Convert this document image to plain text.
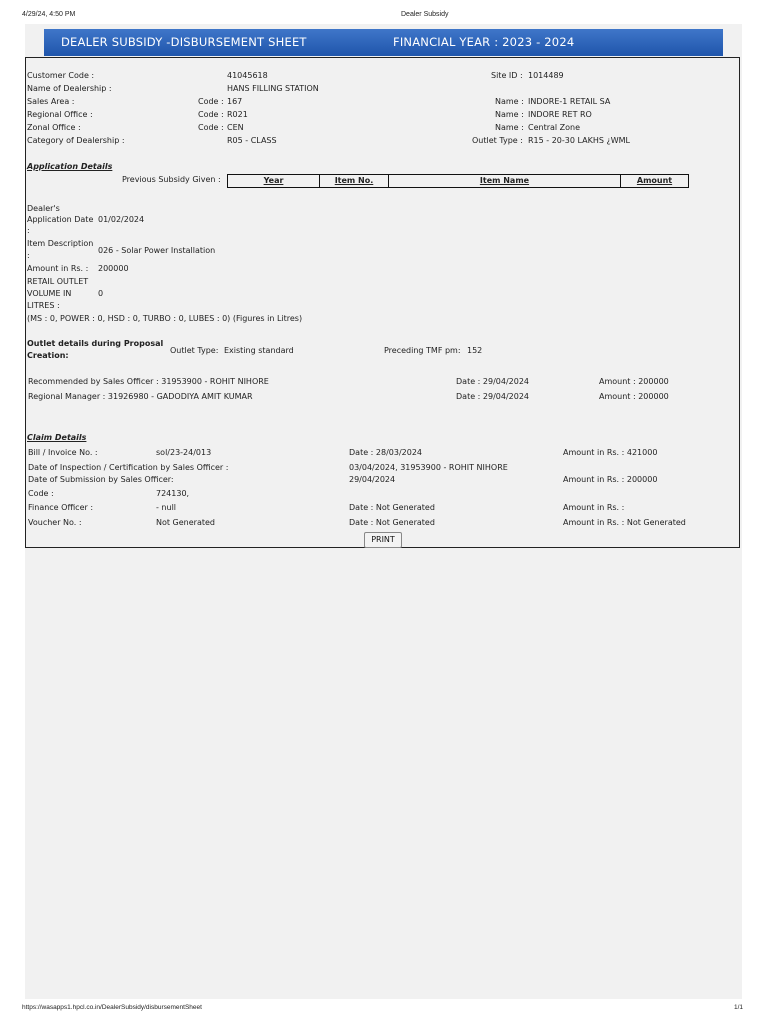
4/29/24, 4:50 PM	Dealer Subsidy
DEALER SUBSIDY -DISBURSEMENT SHEET	FINANCIAL YEAR : 2023 - 2024
Customer Code :	41045618	Site ID : 1014489
Name of Dealership :	HANS FILLING STATION
Sales Area :	Code : 167	Name : INDORE-1 RETAIL SA
Regional Office :	Code : R021	Name : INDORE RET RO
Zonal Office :	Code : CEN	Name : Central Zone
Category of Dealership :	R05 - CLASS	Outlet Type : R15 - 20-30 LAKHS ¿WML
Application Details
Previous Subsidy Given :
Dealer's
Application Date 01/02/2024
:
Item Description
026 - Solar Power Installation
:
Amount in Rs. : 200000
RETAIL OUTLET
VOLUME IN	0
LITRES :
(MS : 0, POWER : 0, HSD : 0, TURBO : 0, LUBES : 0) (Figures in Litres)
Outlet details during Proposal
Creation:
Outlet Type: Existing standard	Preceding TMF pm: 152
Recommended by Sales Officer : 31953900 - ROHIT NIHORE	Date : 29/04/2024	Amount : 200000
Regional Manager : 31926980 - GADODIYA AMIT KUMAR	Date : 29/04/2024	Amount : 200000
Claim Details
Bill / Invoice No. :	sol/23-24/013	Date : 28/03/2024	Amount in Rs. : 421000
Date of Inspection / Certification by Sales Officer :	03/04/2024, 31953900 - ROHIT NIHORE
Date of Submission by Sales Officer:	29/04/2024	Amount in Rs. : 200000
Code :	724130,
Finance Officer :	- null	Date : Not Generated	Amount in Rs. :
Voucher No. :	Not Generated	Date : Not Generated	Amount in Rs. : Not Generated
Year	Item No.	Item Name	Amount
PRINT
https://wasapps1.hpcl.co.in/DealerSubsidy/disbursementSheet	1/1
